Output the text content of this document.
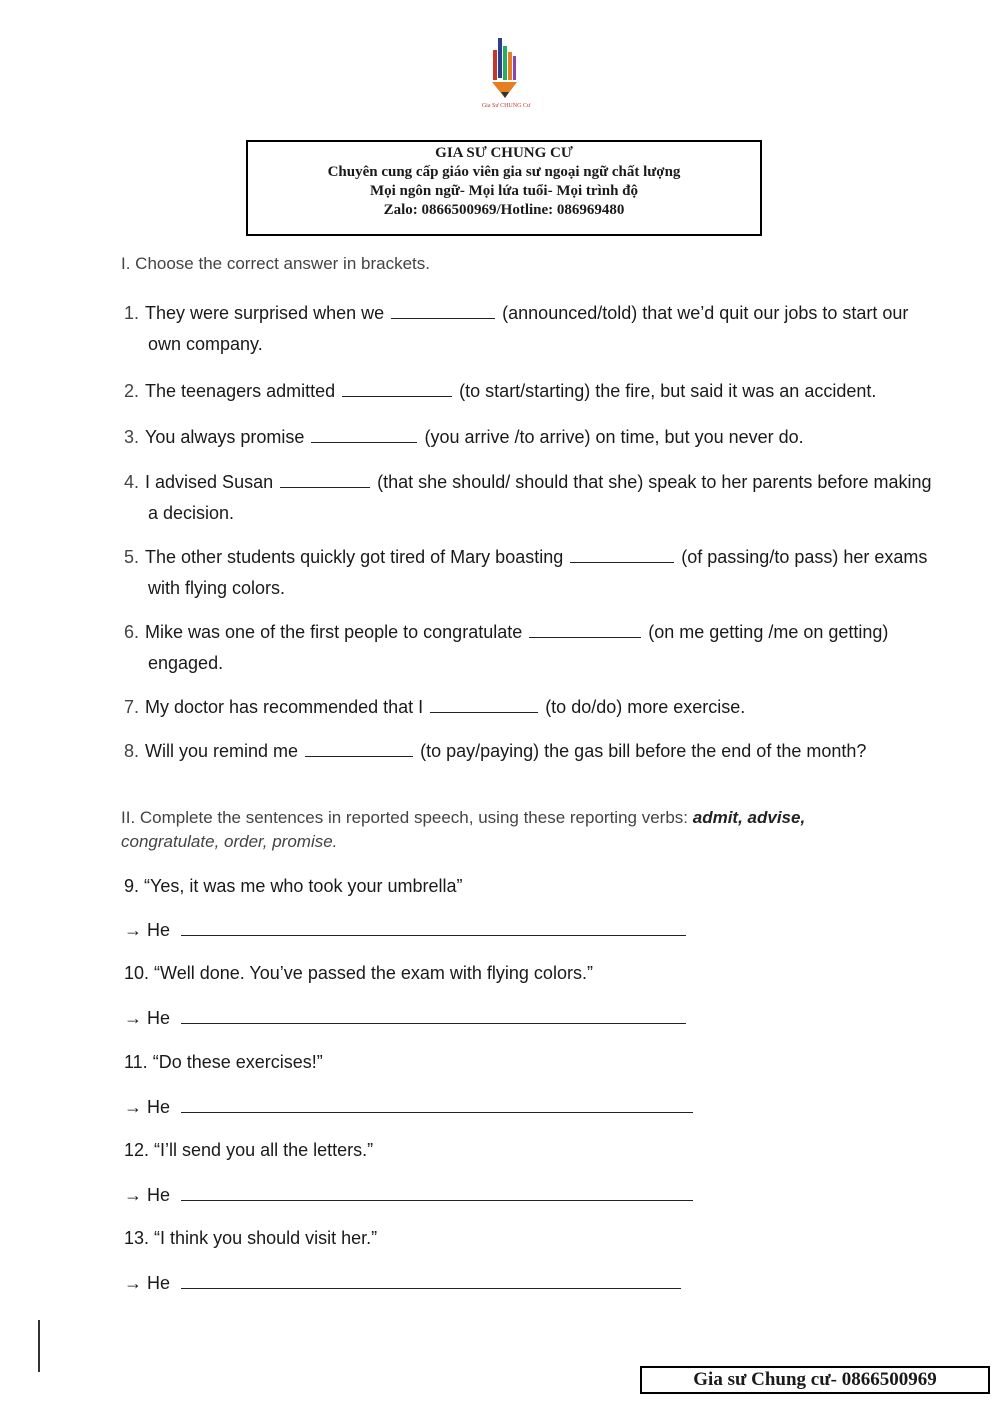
Gia Sư CHUNG Cư
GIA SƯ CHUNG CƯ
Chuyên cung cấp giáo viên gia sư ngoại ngữ chất lượng
Mọi ngôn ngữ- Mọi lứa tuổi- Mọi trình độ
Zalo: 0866500969/Hotline: 086969480
I. Choose the correct answer in brackets.
1. They were surprised when we	(announced/told) that we’d quit our jobs to start our
own company.
2. The teenagers admitted	(to start/starting) the fire, but said it was an accident.
3. You always promise	(you arrive /to arrive) on time, but you never do.
4. I advised Susan	(that she should/ should that she) speak to her parents before making
a decision.
5. The other students quickly got tired of Mary boasting	(of passing/to pass) her exams
with flying colors.
6. Mike was one of the first people to congratulate	(on me getting /me on getting)
engaged.
7. My doctor has recommended that I	(to do/do) more exercise.
8. Will you remind me	(to pay/paying) the gas bill before the end of the month?
II. Complete the sentences in reported speech, using these reporting verbs: admit, advise,
congratulate, order, promise.
9. “Yes, it was me who took your umbrella”
→ He
10. “Well done. You’ve passed the exam with flying colors.”
→ He
11. “Do these exercises!”
→ He
12. “I’ll send you all the letters.”
→ He
13. “I think you should visit her.”
→ He
Gia sư Chung cư- 0866500969
